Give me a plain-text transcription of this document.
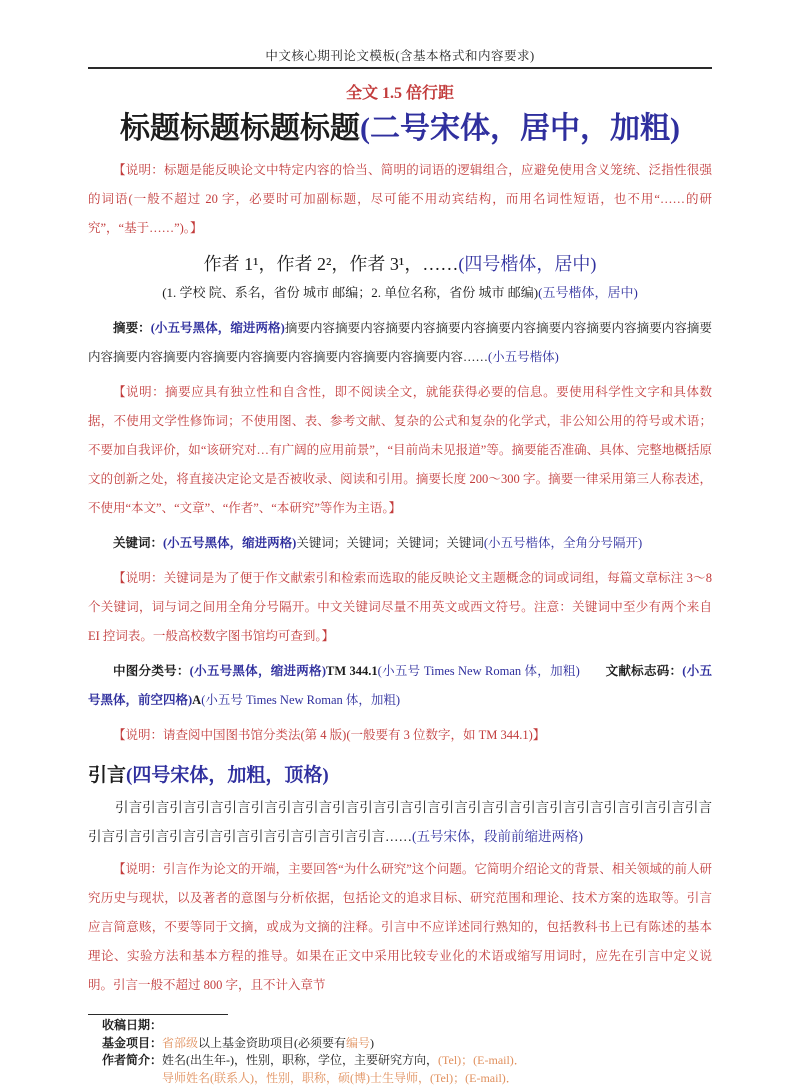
中文核心期刊论文模板(含基本格式和内容要求)
全文 1.5 倍行距
标题标题标题标题(二号宋体，居中，加粗)

【说明：标题是能反映论文中特定内容的恰当、简明的词语的逻辑组合，应避免使用含义笼统、泛指性很强的词语(一般不超过 20 字，必要时可加副标题，尽可能不用动宾结构，而用名词性短语，也不用“……的研究”，“基于……”)。】

作者 1¹，作者 2²，作者 3¹，……(四号楷体，居中)

(1. 学校 院、系名，省份 城市 邮编；2. 单位名称，省份 城市 邮编)(五号楷体，居中)

摘要：(小五号黑体，缩进两格)摘要内容摘要内容摘要内容摘要内容摘要内容摘要内容摘要内容摘要内容摘要内容摘要内容摘要内容摘要内容摘要内容摘要内容摘要内容摘要内容……(小五号楷体)

【说明：摘要应具有独立性和自含性，即不阅读全文，就能获得必要的信息。要使用科学性文字和具体数据，不使用文学性修饰词；不使用图、表、参考文献、复杂的公式和复杂的化学式，非公知公用的符号或术语；不要加自我评价，如“该研究对…有广阔的应用前景”，“目前尚未见报道”等。摘要能否准确、具体、完整地概括原文的创新之处，将直接决定论文是否被收录、阅读和引用。摘要长度 200～300 字。摘要一律采用第三人称表述，不使用“本文”、“文章”、“作者”、“本研究”等作为主语。】

关键词：(小五号黑体，缩进两格)关键词；关键词；关键词；关键词(小五号楷体，全角分号隔开)

【说明：关键词是为了便于作文献索引和检索而选取的能反映论文主题概念的词或词组，每篇文章标注 3～8 个关键词，词与词之间用全角分号隔开。中文关键词尽量不用英文或西文符号。注意：关键词中至少有两个来自 EI 控词表。一般高校数字图书馆均可查到。】

中图分类号：(小五号黑体，缩进两格)TM 344.1(小五号 Times New Roman 体，加粗)　　 文献标志码：(小五号黑体，前空四格)A(小五号 Times New Roman 体，加粗)

【说明：请查阅中国图书馆分类法(第 4 版)(一般要有 3 位数字，如 TM 344.1)】

引言(四号宋体，加粗，顶格)

引言引言引言引言引言引言引言引言引言引言引言引言引言引言引言引言引言引言引言引言引言引言引言引言引言引言引言引言引言引言引言引言引言……(五号宋体，段前前缩进两格)

【说明：引言作为论文的开端，主要回答“为什么研究”这个问题。它简明介绍论文的背景、相关领域的前人研究历史与现状，以及著者的意图与分析依据，包括论文的追求目标、研究范围和理论、技术方案的选取等。引言应言简意赅，不要等同于文摘，或成为文摘的注释。引言中不应详述同行熟知的，包括教科书上已有陈述的基本理论、实验方法和基本方程的推导。如果在正文中采用比较专业化的术语或缩写用词时，应先在引言中定义说明。引言一般不超过 800 字，且不计入章节

收稿日期：

基金项目：省部级以上基金资助项目(必须要有编号)

作者简介：姓名(出生年-)，性别，职称，学位，主要研究方向，(Tel)；(E-mail)．

导师姓名(联系人)，性别，职称，硕(博)士生导师，(Tel)；(E-mail)．
